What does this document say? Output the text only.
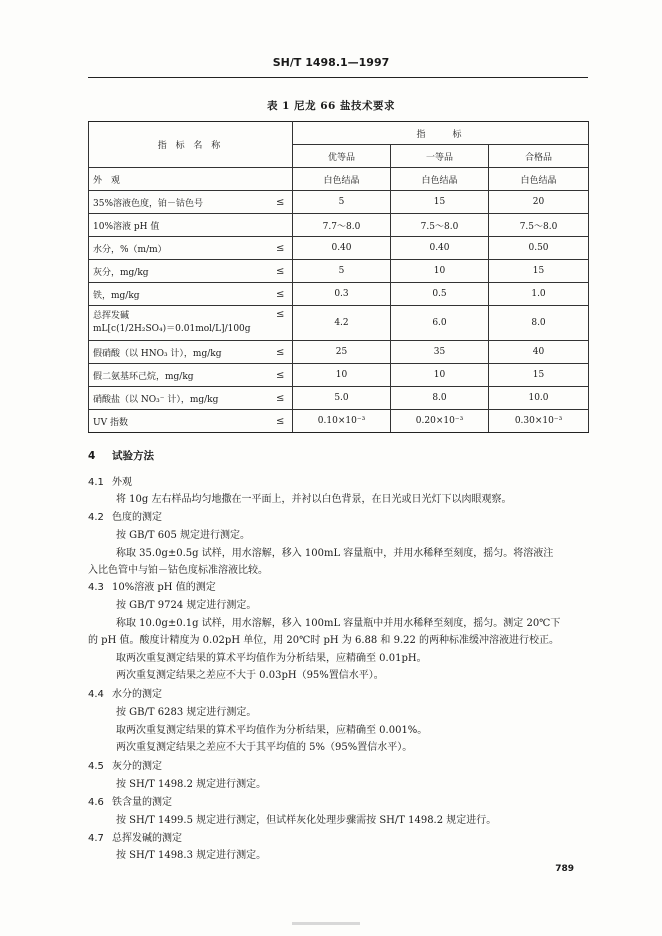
SH/T 1498.1—1997
表 1 尼龙 66 盐技术要求
指 标 名 称		指　　标		
		优等品	一等品	合格品
外　观		白色结晶	白色结晶	白色结晶
35%溶液色度，铂－钴色号	≤	5	15	20
10%溶液 pH 值		7.7～8.0	7.5～8.0	7.5～8.0
水分，%（m/m）	≤	0.40	0.40	0.50
灰分，mg/kg	≤	5	10	15
铁，mg/kg	≤	0.3	0.5	1.0

总挥发碱
mL[c(1/2H₂SO₄)＝0.01mol/L]/100g	≤	4.2	6.0	8.0
假硝酸（以 HNO₃ 计），mg/kg	≤	25	35	40
假二氨基环己烷，mg/kg	≤	10	10	15
硝酸盐（以 NO₃⁻ 计），mg/kg	≤	5.0	8.0	10.0
UV 指数	≤	0.10×10⁻³	0.20×10⁻³	0.30×10⁻³
4 试验方法
4.1 外观
将 10g 左右样品均匀地撒在一平面上，并衬以白色背景，在日光或日光灯下以肉眼观察。
4.2 色度的测定
按 GB/T 605 规定进行测定。
称取 35.0g±0.5g 试样，用水溶解，移入 100mL 容量瓶中，并用水稀释至刻度，摇匀。将溶液注
入比色管中与铂－钴色度标准溶液比较。
4.3 10%溶液 pH 值的测定
按 GB/T 9724 规定进行测定。
称取 10.0g±0.1g 试样，用水溶解，移入 100mL 容量瓶中并用水稀释至刻度，摇匀。测定 20℃下
的 pH 值。酸度计精度为 0.02pH 单位，用 20℃时 pH 为 6.88 和 9.22 的两种标准缓冲溶液进行校正。
取两次重复测定结果的算术平均值作为分析结果，应精确至 0.01pH。
两次重复测定结果之差应不大于 0.03pH（95%置信水平）。
4.4 水分的测定
按 GB/T 6283 规定进行测定。
取两次重复测定结果的算术平均值作为分析结果，应精确至 0.001%。
两次重复测定结果之差应不大于其平均值的 5%（95%置信水平）。
4.5 灰分的测定
按 SH/T 1498.2 规定进行测定。
4.6 铁含量的测定
按 SH/T 1499.5 规定进行测定，但试样灰化处理步骤需按 SH/T 1498.2 规定进行。
4.7 总挥发碱的测定
按 SH/T 1498.3 规定进行测定。
789
